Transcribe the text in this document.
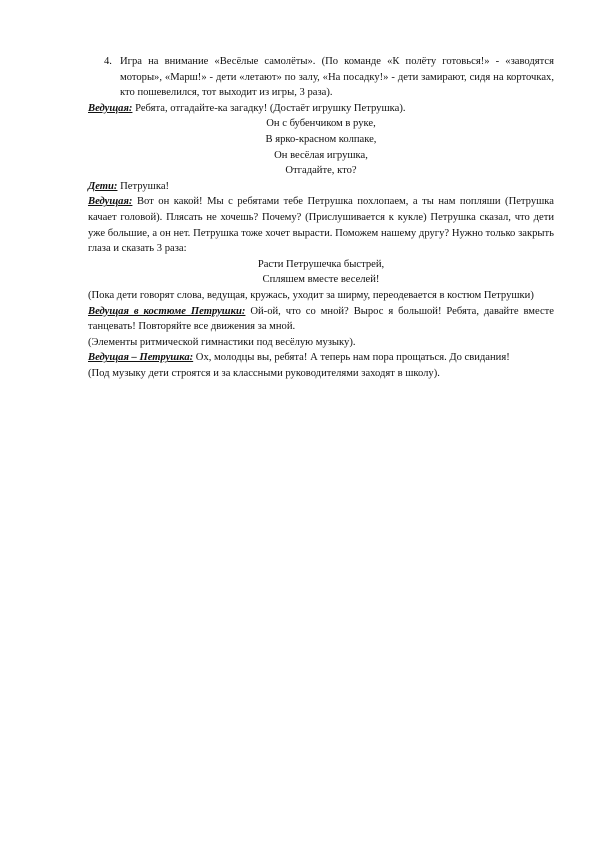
4. Игра на внимание «Весёлые самолёты». (По команде «К полёту готовься!» - «заводятся моторы», «Марш!» - дети «летают» по залу, «На посадку!» - дети замирают, сидя на корточках, кто пошевелился, тот выходит из игры, 3 раза).

Ведущая: Ребята, отгадайте-ка загадку! (Достаёт игрушку Петрушка).

Он с бубенчиком в руке,

В ярко-красном колпаке,

Он весёлая игрушка,

Отгадайте, кто?

Дети: Петрушка!

Ведущая: Вот он какой! Мы с ребятами тебе Петрушка похлопаем, а ты нам попляши (Петрушка качает головой). Плясать не хочешь? Почему? (Прислушивается к кукле) Петрушка сказал, что дети уже большие, а он нет. Петрушка тоже хочет вырасти. Поможем нашему другу? Нужно только закрыть глаза и сказать 3 раза:

Расти Петрушечка быстрей,

Спляшем вместе веселей!

(Пока дети говорят слова, ведущая, кружась, уходит за ширму, переодевается в костюм Петрушки)

Ведущая в костюме Петрушки: Ой-ой, что со мной? Вырос я большой! Ребята, давайте вместе танцевать! Повторяйте все движения за мной.

(Элементы ритмической гимнастики под весёлую музыку).

Ведущая – Петрушка: Ох, молодцы вы, ребята! А теперь нам пора прощаться. До свидания!

(Под музыку дети строятся и за классными руководителями заходят в школу).
